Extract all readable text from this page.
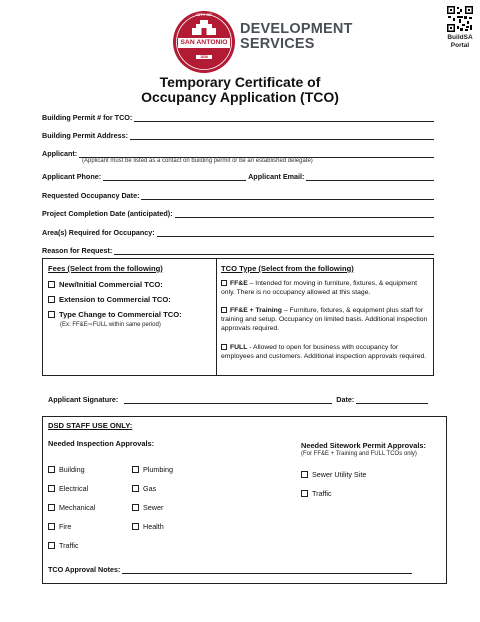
CITY OF
SAN ANTONIO
1836
DEVELOPMENT
SERVICES	BuildSA
Portal
Temporary Certificate of
Occupancy Application (TCO)
Building Permit # for TCO:
Building Permit Address:
Applicant:
(Applicant must be listed as a contact on building permit or be an established delegate)
Applicant Phone:	Applicant Email:
Requested Occupancy Date:
Project Completion Date (anticipated):
Area(s) Required for Occupancy:
Reason for Request:
Fees (Select from the following)
New/Initial Commercial TCO:
Extension to Commercial TCO:
Type Change to Commercial TCO:
(Ex: FF&E⇨FULL within same period)
TCO Type (Select from the following)
FF&E – Intended for moving in furniture, fixtures, & equipment only. There is no occupancy allowed at this stage.
FF&E + Training – Furniture, fixtures, & equipment plus staff for training and setup. Occupancy on limited basis. Additional inspection approvals required.
FULL - Allowed to open for business with occupancy for employees and customers. Additional inspection approvals required.
Applicant Signature:	Date:
DSD STAFF USE ONLY:
Needed Inspection Approvals:
Building
Electrical
Mechanical
Fire
Traffic
Plumbing
Gas
Sewer
Health
Needed Sitework Permit Approvals:
(For FF&E + Training and FULL TCOs only)
Sewer Utility Site
Traffic
TCO Approval Notes:
